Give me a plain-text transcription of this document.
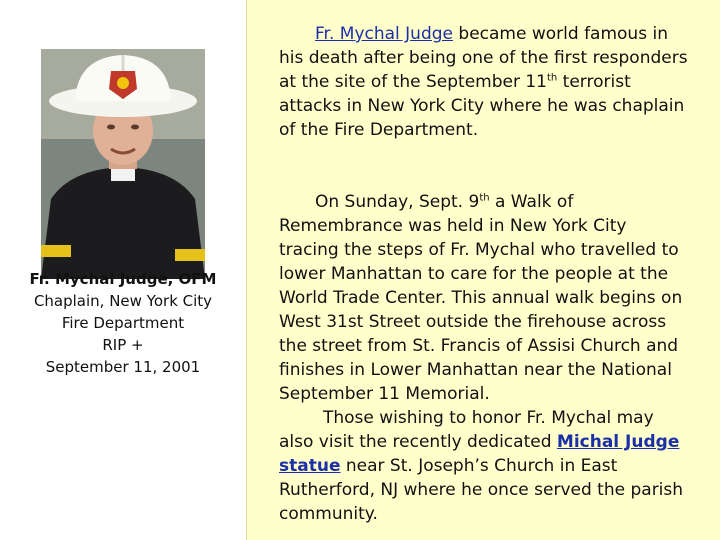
Fr. Mychal Judge, OFM
Chaplain, New York City
Fire Department
RIP +
September 11, 2001

Fr. Mychal Judge became world famous in his death after being one of the first responders at the site of the September 11th terrorist attacks in New York City where he was chaplain of the Fire Department.

On Sunday, Sept. 9th a Walk of Remembrance was held in New York City tracing the steps of Fr. Mychal who travelled to lower Manhattan to care for the people at the World Trade Center. This annual walk begins on West 31st Street outside the firehouse across the street from St. Francis of Assisi Church and finishes in Lower Manhattan near the National September 11 Memorial.

Those wishing to honor Fr. Mychal may also visit the recently dedicated Michal Judge statue near St. Joseph’s Church in East Rutherford, NJ where he once served the parish community.
